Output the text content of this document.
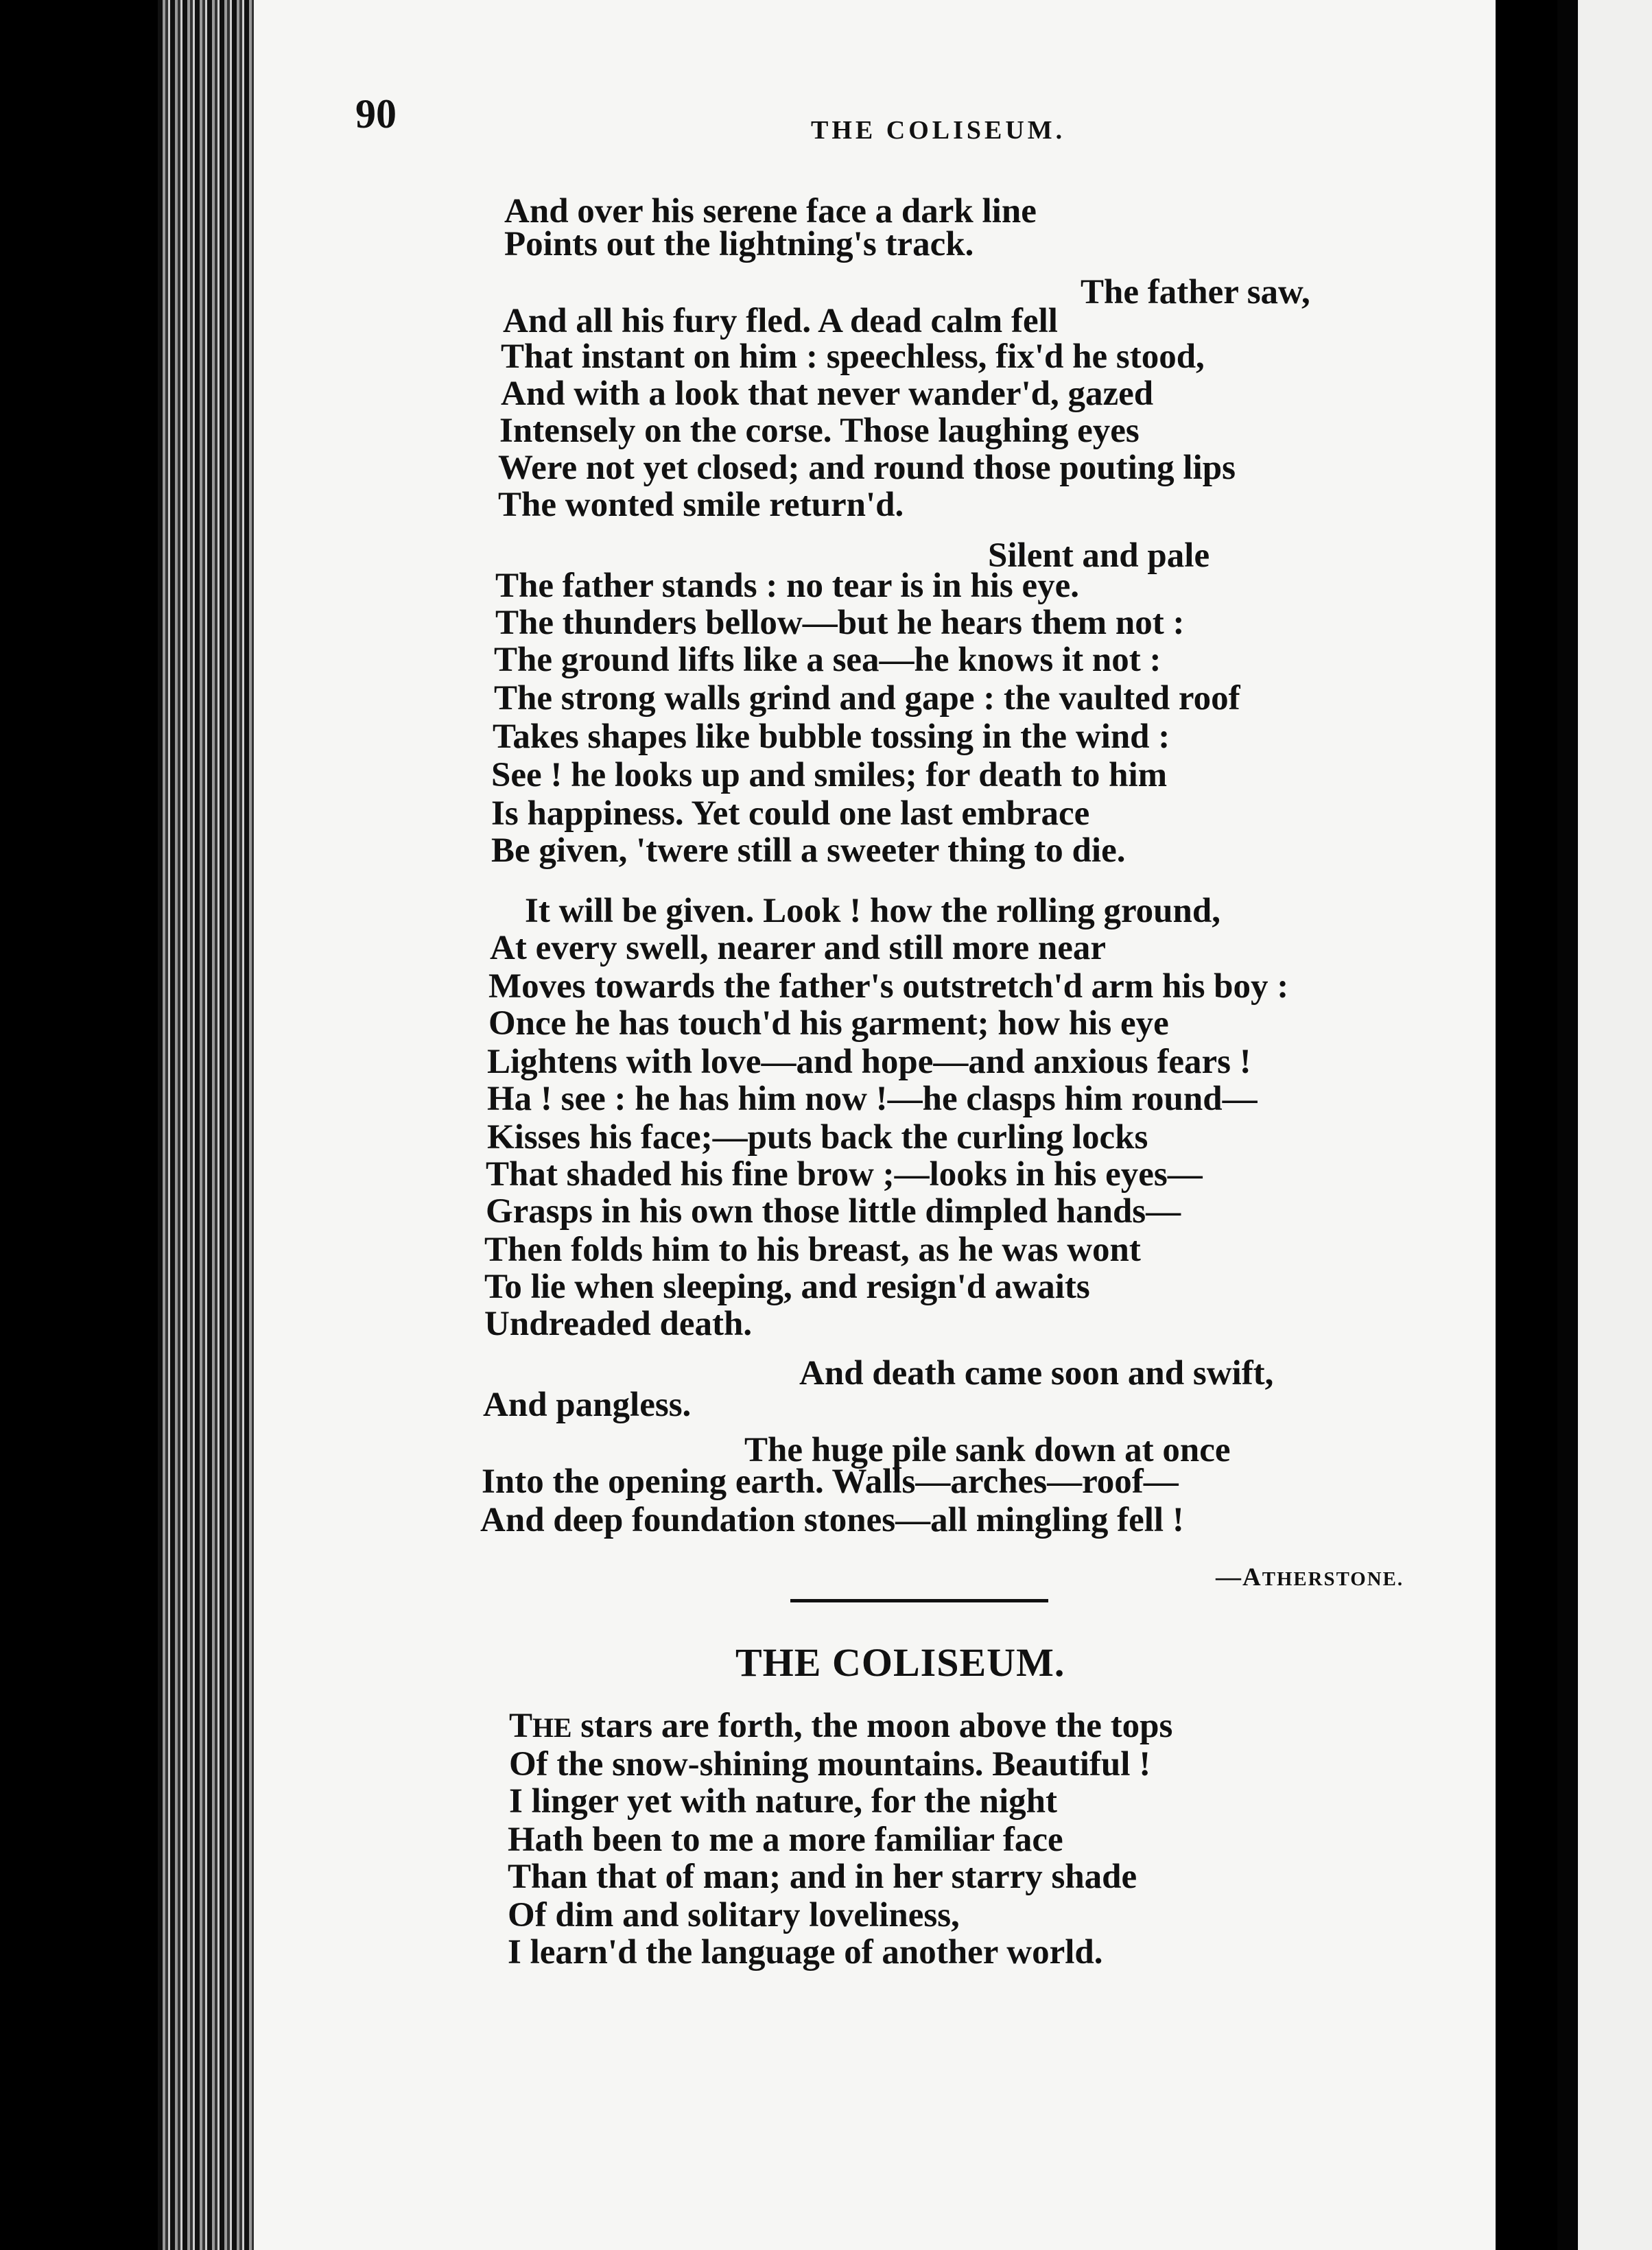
90	THE COLISEUM.
And over his serene face a dark line
Points out the lightning's track.
The father saw,
And all his fury fled. A dead calm fell
That instant on him : speechless, fix'd he stood,
And with a look that never wander'd, gazed
Intensely on the corse. Those laughing eyes
Were not yet closed; and round those pouting lips
The wonted smile return'd.
Silent and pale
The father stands : no tear is in his eye.
The thunders bellow—but he hears them not :
The ground lifts like a sea—he knows it not :
The strong walls grind and gape : the vaulted roof
Takes shapes like bubble tossing in the wind :
See ! he looks up and smiles; for death to him
Is happiness. Yet could one last embrace
Be given, 'twere still a sweeter thing to die.
It will be given. Look ! how the rolling ground,
At every swell, nearer and still more near
Moves towards the father's outstretch'd arm his boy :
Once he has touch'd his garment; how his eye
Lightens with love—and hope—and anxious fears !
Ha ! see : he has him now !—he clasps him round—
Kisses his face;—puts back the curling locks
That shaded his fine brow ;—looks in his eyes—
Grasps in his own those little dimpled hands—
Then folds him to his breast, as he was wont
To lie when sleeping, and resign'd awaits
Undreaded death.
And death came soon and swift,
And pangless.
The huge pile sank down at once
Into the opening earth. Walls—arches—roof—
And deep foundation stones—all mingling fell !
—ATHERSTONE.
THE COLISEUM.
THE stars are forth, the moon above the tops
Of the snow-shining mountains. Beautiful !
I linger yet with nature, for the night
Hath been to me a more familiar face
Than that of man; and in her starry shade
Of dim and solitary loveliness,
I learn'd the language of another world.
